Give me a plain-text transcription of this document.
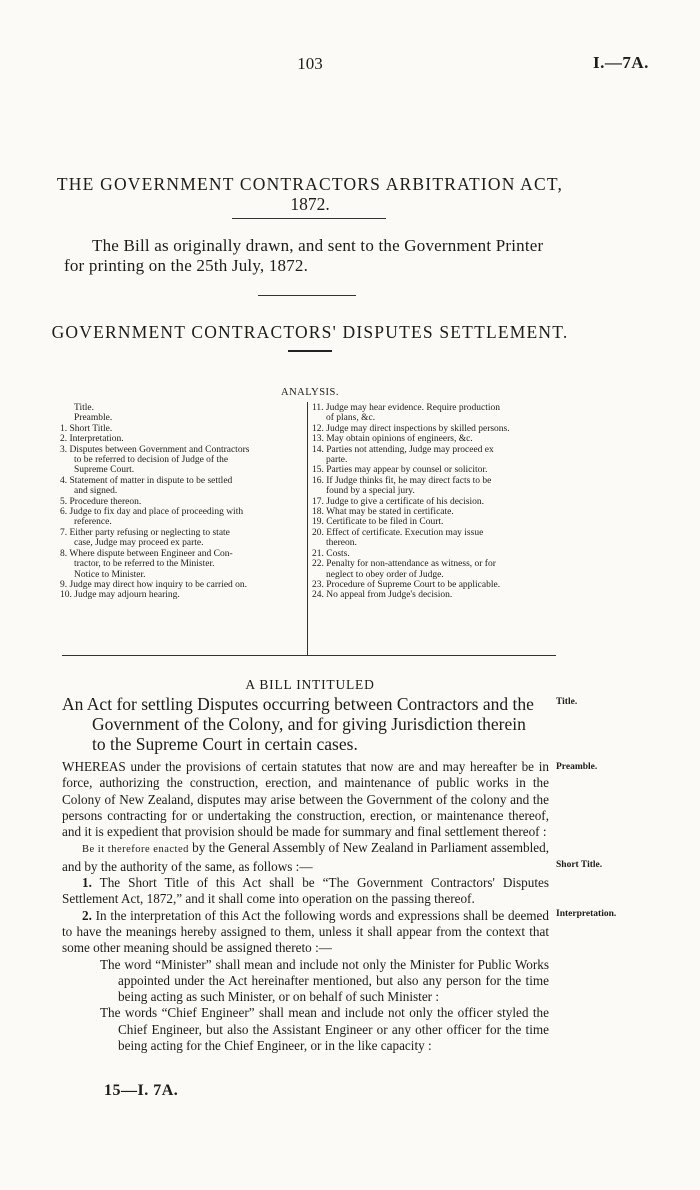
103	I.—7A.
THE GOVERNMENT CONTRACTORS ARBITRATION ACT,
1872.
The Bill as originally drawn, and sent to the Government Printer
for printing on the 25th July, 1872.
GOVERNMENT CONTRACTORS' DISPUTES SETTLEMENT.
ANALYSIS.
Title.
Preamble.
1. Short Title.
2. Interpretation.
3. Disputes between Government and Contractors
to be referred to decision of Judge of the
Supreme Court.
4. Statement of matter in dispute to be settled
and signed.
5. Procedure thereon.
6. Judge to fix day and place of proceeding with
reference.
7. Either party refusing or neglecting to state
case, Judge may proceed ex parte.
8. Where dispute between Engineer and Con-
tractor, to be referred to the Minister.
Notice to Minister.
9. Judge may direct how inquiry to be carried on.
10. Judge may adjourn hearing.
11. Judge may hear evidence. Require production
of plans, &c.
12. Judge may direct inspections by skilled persons.
13. May obtain opinions of engineers, &c.
14. Parties not attending, Judge may proceed ex
parte.
15. Parties may appear by counsel or solicitor.
16. If Judge thinks fit, he may direct facts to be
found by a special jury.
17. Judge to give a certificate of his decision.
18. What may be stated in certificate.
19. Certificate to be filed in Court.
20. Effect of certificate. Execution may issue
thereon.
21. Costs.
22. Penalty for non-attendance as witness, or for
neglect to obey order of Judge.
23. Procedure of Supreme Court to be applicable.
24. No appeal from Judge's decision.
A BILL INTITULED
An Act for settling Disputes occurring between Contractors and the
Government of the Colony, and for giving Jurisdiction therein
to the Supreme Court in certain cases.

WHEREAS under the provisions of certain statutes that now are and may hereafter be in force, authorizing the construction, erection, and maintenance of public works in the Colony of New Zealand, disputes may arise between the Government of the colony and the persons contracting for or undertaking the construction, erection, or maintenance thereof, and it is expedient that provision should be made for summary and final settlement thereof :

Be it therefore enacted by the General Assembly of New Zealand in Parliament assembled, and by the authority of the same, as follows :—

1. The Short Title of this Act shall be “The Government Contractors' Disputes Settlement Act, 1872,” and it shall come into operation on the passing thereof.

2. In the interpretation of this Act the following words and expressions shall be deemed to have the meanings hereby assigned to them, unless it shall appear from the context that some other meaning should be assigned thereto :—

The word “Minister” shall mean and include not only the Minister for Public Works appointed under the Act hereinafter mentioned, but also any person for the time being acting as such Minister, or on behalf of such Minister :

The words “Chief Engineer” shall mean and include not only the officer styled the Chief Engineer, but also the Assistant Engineer or any other officer for the time being acting for the Chief Engineer, or in the like capacity :

15—I. 7A.
Title.
Preamble.
Short Title.
Interpretation.
